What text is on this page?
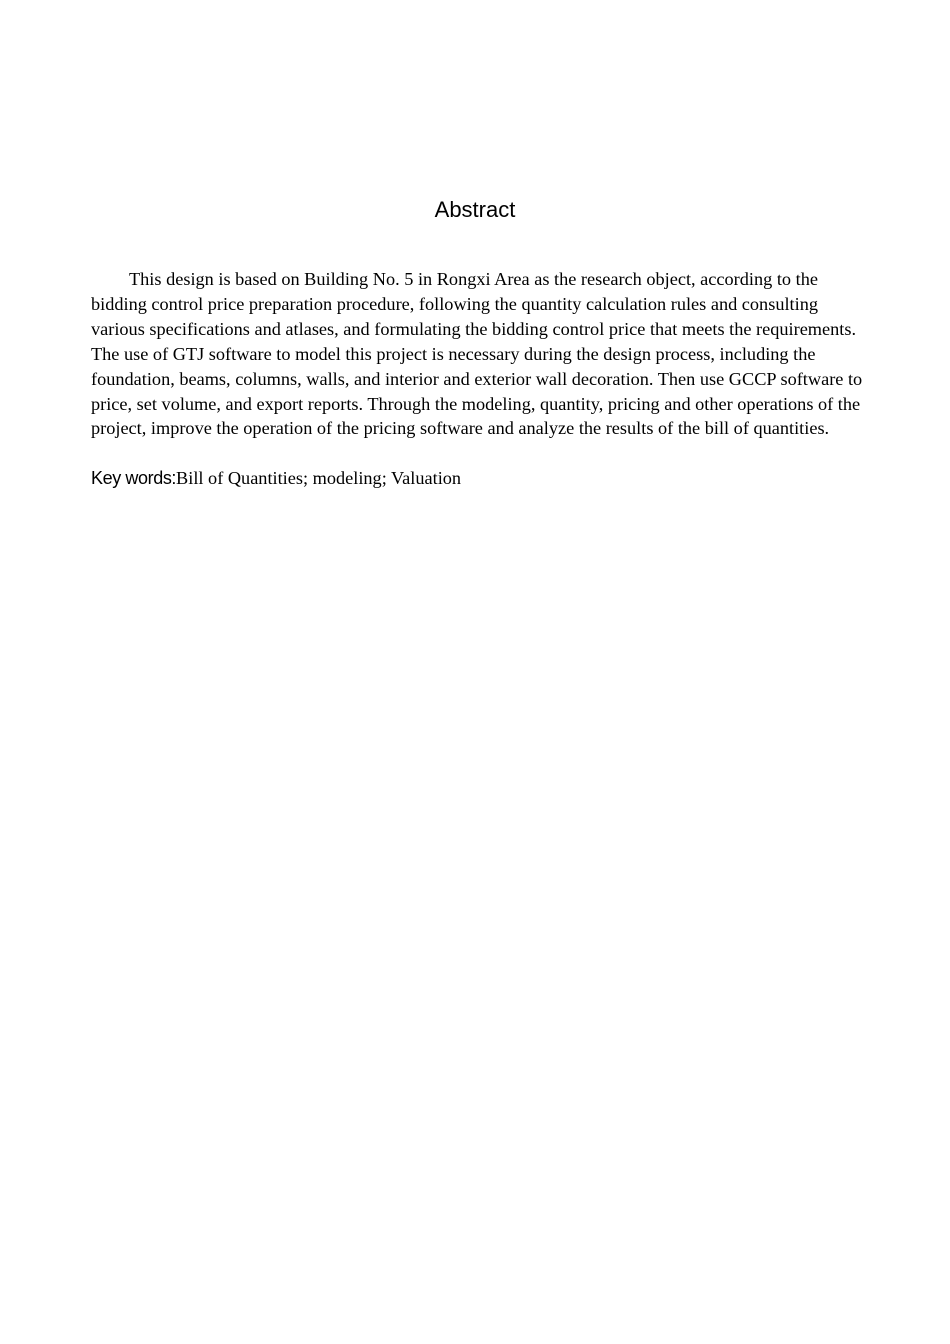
Abstract

This design is based on Building No. 5 in Rongxi Area as the research object, according to the bidding control price preparation procedure, following the quantity calculation rules and consulting various specifications and atlases, and formulating the bidding control price that meets the requirements. The use of GTJ software to model this project is necessary during the design process, including the foundation, beams, columns, walls, and interior and exterior wall decoration. Then use GCCP software to price, set volume, and export reports. Through the modeling, quantity, pricing and other operations of the project, improve the operation of the pricing software and analyze the results of the bill of quantities.

Key words:Bill of Quantities; modeling; Valuation
